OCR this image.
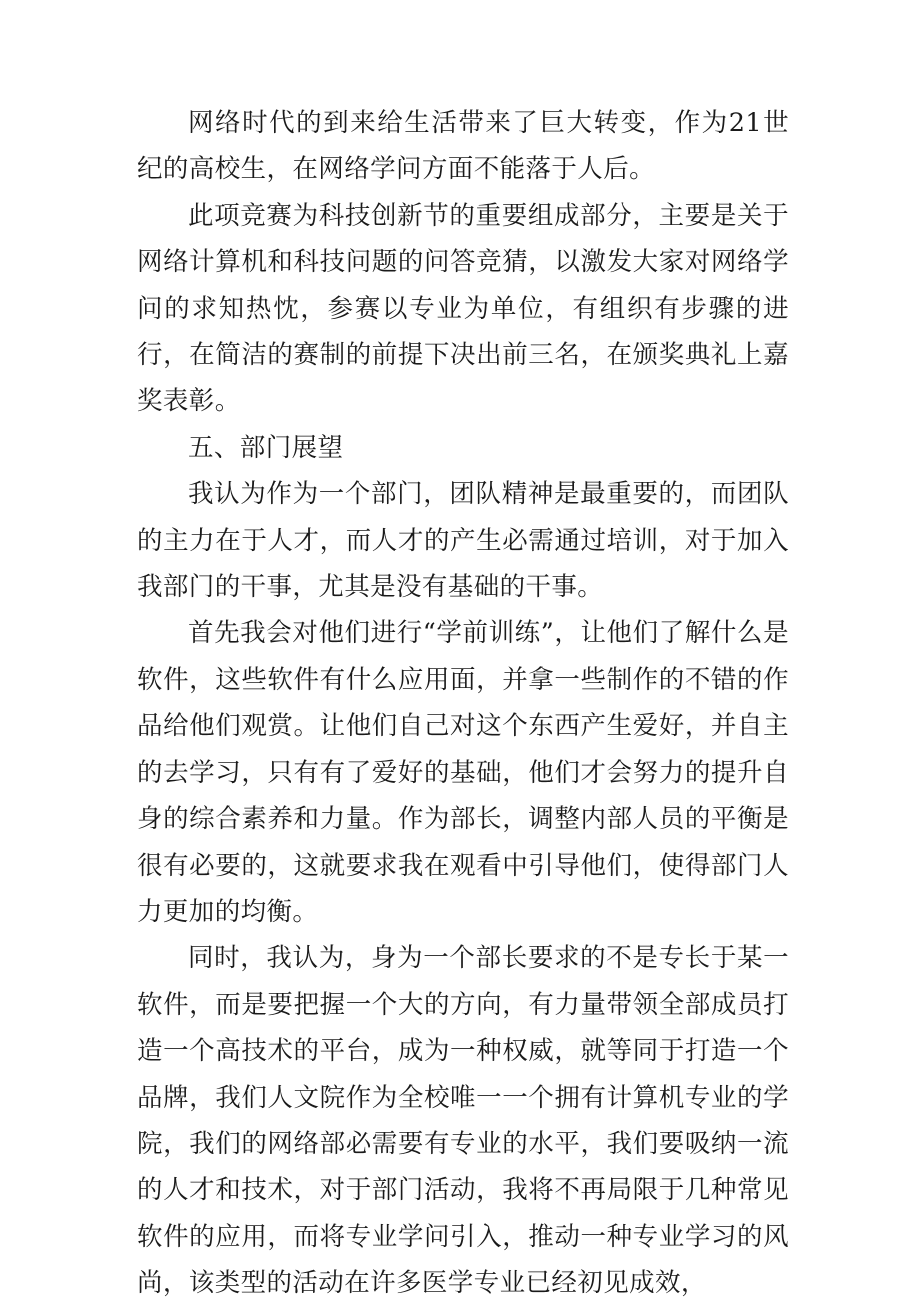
网络时代的到来给生活带来了巨大转变，作为21世纪的高校生，在网络学问方面不能落于人后。

此项竞赛为科技创新节的重要组成部分，主要是关于网络计算机和科技问题的问答竞猜，以激发大家对网络学问的求知热忱，参赛以专业为单位，有组织有步骤的进行，在简洁的赛制的前提下决出前三名，在颁奖典礼上嘉奖表彰。

五、部门展望

我认为作为一个部门，团队精神是最重要的，而团队的主力在于人才，而人才的产生必需通过培训，对于加入我部门的干事，尤其是没有基础的干事。

首先我会对他们进行“学前训练”，让他们了解什么是软件，这些软件有什么应用面，并拿一些制作的不错的作品给他们观赏。让他们自己对这个东西产生爱好，并自主的去学习，只有有了爱好的基础，他们才会努力的提升自身的综合素养和力量。作为部长，调整内部人员的平衡是很有必要的，这就要求我在观看中引导他们，使得部门人力更加的均衡。

同时，我认为，身为一个部长要求的不是专长于某一软件，而是要把握一个大的方向，有力量带领全部成员打造一个高技术的平台，成为一种权威，就等同于打造一个品牌，我们人文院作为全校唯一一个拥有计算机专业的学院，我们的网络部必需要有专业的水平，我们要吸纳一流的人才和技术，对于部门活动，我将不再局限于几种常见软件的应用，而将专业学问引入，推动一种专业学习的风尚，该类型的活动在许多医学专业已经初见成效，
